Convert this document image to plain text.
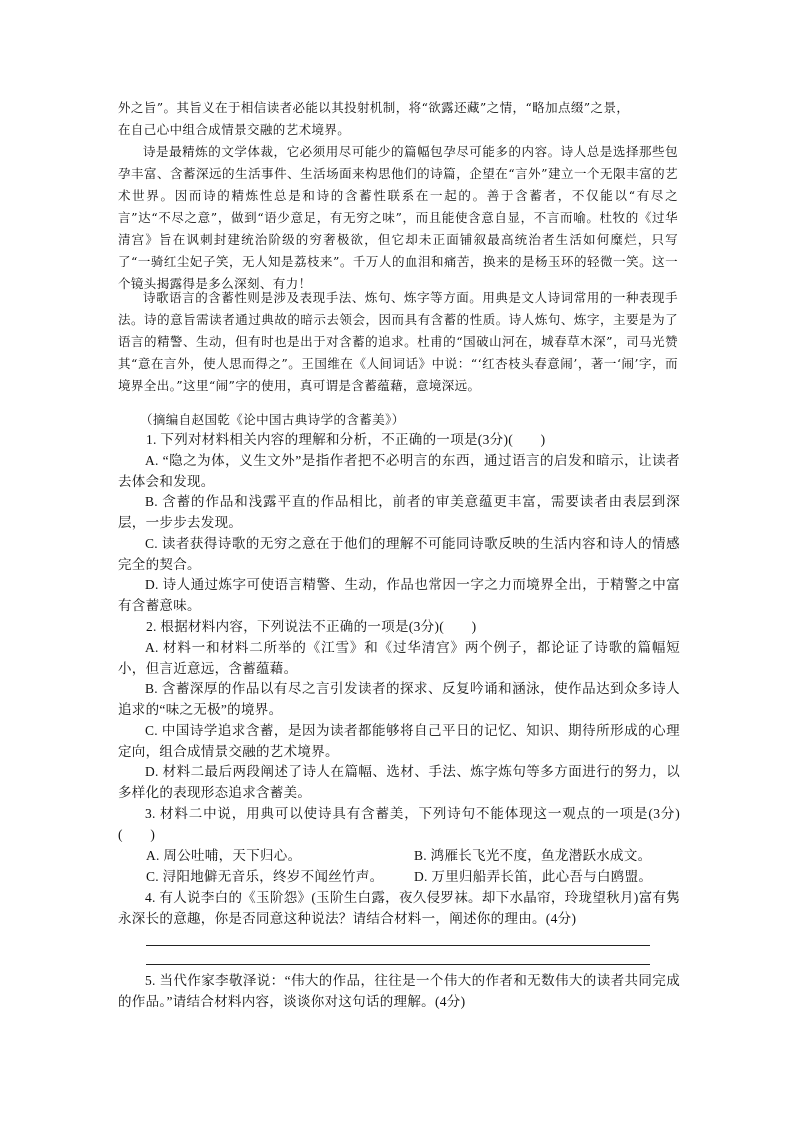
外之旨”。其旨义在于相信读者必能以其投射机制，将“欲露还藏”之情，“略加点缀”之景，

在自己心中组合成情景交融的艺术境界。

诗是最精炼的文学体裁，它必须用尽可能少的篇幅包孕尽可能多的内容。诗人总是选择那些包孕丰富、含蓄深远的生活事件、生活场面来构思他们的诗篇，企望在“言外”建立一个无限丰富的艺术世界。因而诗的精炼性总是和诗的含蓄性联系在一起的。善于含蓄者，不仅能以“有尽之言”达“不尽之意”，做到“语少意足，有无穷之味”，而且能使含意自显，不言而喻。杜牧的《过华清宫》旨在讽刺封建统治阶级的穷奢极欲，但它却未正面铺叙最高统治者生活如何糜烂，只写了“一骑红尘妃子笑，无人知是荔枝来”。千万人的血泪和痛苦，换来的是杨玉环的轻微一笑。这一个镜头揭露得是多么深刻、有力！

诗歌语言的含蓄性则是涉及表现手法、炼句、炼字等方面。用典是文人诗词常用的一种表现手法。诗的意旨需读者通过典故的暗示去领会，因而具有含蓄的性质。诗人炼句、炼字，主要是为了语言的精警、生动，但有时也是出于对含蓄的追求。杜甫的“国破山河在，城春草木深”，司马光赞其“意在言外，使人思而得之”。王国维在《人间词话》中说：“‘红杏枝头春意闹’，著一‘闹’字，而境界全出。”这里“闹”字的使用，真可谓是含蓄蕴藉，意境深远。

（摘编自赵国乾《论中国古典诗学的含蓄美》）

1. 下列对材料相关内容的理解和分析，不正确的一项是(3分)(　　)

A. “隐之为体，义生文外”是指作者把不必明言的东西，通过语言的启发和暗示，让读者去体会和发现。

B. 含蓄的作品和浅露平直的作品相比，前者的审美意蕴更丰富，需要读者由表层到深层，一步步去发现。

C. 读者获得诗歌的无穷之意在于他们的理解不可能同诗歌反映的生活内容和诗人的情感完全的契合。

D. 诗人通过炼字可使语言精警、生动，作品也常因一字之力而境界全出，于精警之中富有含蓄意味。

2. 根据材料内容，下列说法不正确的一项是(3分)(　　)

A. 材料一和材料二所举的《江雪》和《过华清宫》两个例子，都论证了诗歌的篇幅短小，但言近意远，含蓄蕴藉。

B. 含蓄深厚的作品以有尽之言引发读者的探求、反复吟诵和涵泳，使作品达到众多诗人追求的“味之无极”的境界。

C. 中国诗学追求含蓄，是因为读者都能够将自己平日的记忆、知识、期待所形成的心理定向，组合成情景交融的艺术境界。

D. 材料二最后两段阐述了诗人在篇幅、选材、手法、炼字炼句等多方面进行的努力，以多样化的表现形态追求含蓄美。

3. 材料二中说，用典可以使诗具有含蓄美，下列诗句不能体现这一观点的一项是(3分)(　　)

A. 周公吐哺，天下归心。	B. 鸿雁长飞光不度，鱼龙潜跃水成文。
C. 浔阳地僻无音乐，终岁不闻丝竹声。 D. 万里归船弄长笛，此心吾与白鸥盟。

4. 有人说李白的《玉阶怨》(玉阶生白露，夜久侵罗袜。却下水晶帘，玲珑望秋月)富有隽永深长的意趣，你是否同意这种说法？请结合材料一，阐述你的理由。(4分)

5. 当代作家李敬泽说：“伟大的作品，往往是一个伟大的作者和无数伟大的读者共同完成的作品。”请结合材料内容，谈谈你对这句话的理解。(4分)
